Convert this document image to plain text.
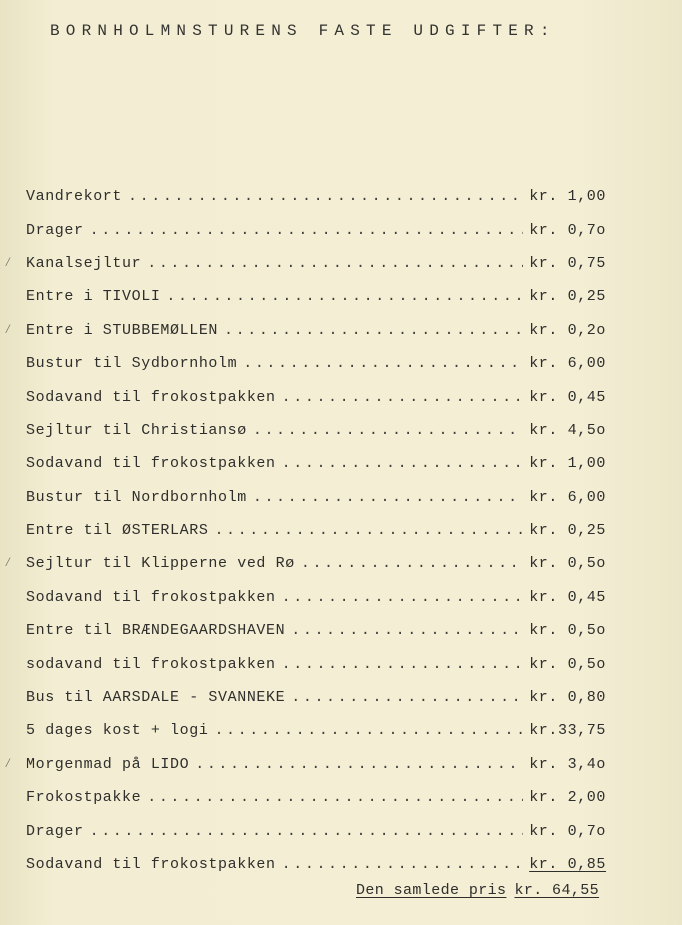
BORNHOLMNSTURENS FASTE UDGIFTER:
Vandrekort .....	kr. 1,00
Drager .....	kr. 0,7o
⁄ Kanalsejltur .....	kr. 0,75
Entre i TIVOLI .....	kr. 0,25
⁄ Entre i STUBBEMØLLEN .....	kr. 0,2o
Bustur til Sydbornholm .....	kr. 6,00
Sodavand til frokostpakken .....	kr. 0,45
Sejltur til Christiansø .....	kr. 4,5o
Sodavand til frokostpakken .....	kr. 1,00
Bustur til Nordbornholm .....	kr. 6,00
Entre til ØSTERLARS .....	kr. 0,25
⁄ Sejltur til Klipperne ved Rø .....	kr. 0,5o
Sodavand til frokostpakken .....	kr. 0,45
Entre til BRÆNDEGAARDSHAVEN .....	kr. 0,5o
sodavand til frokostpakken .....	kr. 0,5o
Bus til AARSDALE - SVANNEKE .....	kr. 0,80
5 dages kost + logi .....	kr.33,75
⁄ Morgenmad på LIDO .....	kr. 3,4o
Frokostpakke .....	kr. 2,00
Drager .....	kr. 0,7o
Sodavand til frokostpakken .....	kr. 0,85
Den samlede pris kr. 64,55
